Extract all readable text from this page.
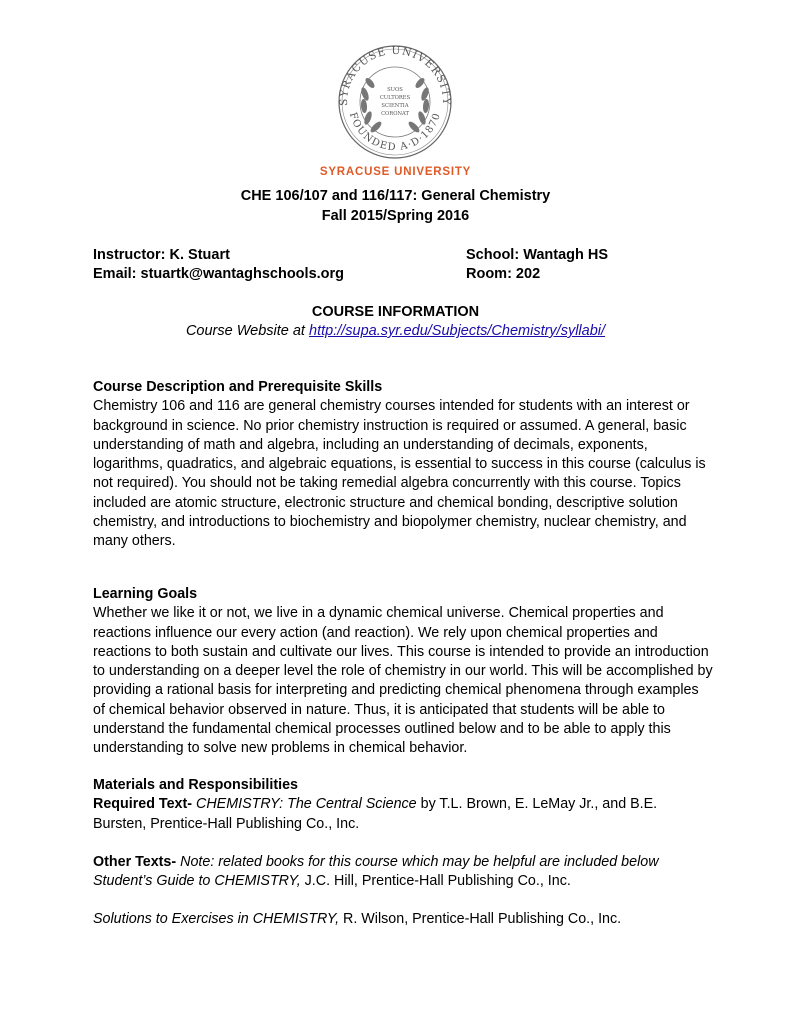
SYRACUSE UNIVERSITY
FOUNDED A·D·1870
SUOS
CULTORES
SCIENTIA
CORONAT
SYRACUSE UNIVERSITY
CHE 106/107 and 116/117: General Chemistry
Fall 2015/Spring 2016
Instructor: K. Stuart
Email: stuartk@wantaghschools.org
School: Wantagh HS
Room: 202
COURSE INFORMATION
Course Website at http://supa.syr.edu/Subjects/Chemistry/syllabi/
Course Description and Prerequisite Skills

Chemistry 106 and 116 are general chemistry courses intended for students with an interest or background in science. No prior chemistry instruction is required or assumed. A general, basic understanding of math and algebra, including an understanding of decimals, exponents, logarithms, quadratics, and algebraic equations, is essential to success in this course (calculus is not required). You should not be taking remedial algebra concurrently with this course. Topics included are atomic structure, electronic structure and chemical bonding, descriptive solution chemistry, and introductions to biochemistry and biopolymer chemistry, nuclear chemistry, and many others.

Learning Goals

Whether we like it or not, we live in a dynamic chemical universe. Chemical properties and reactions influence our every action (and reaction). We rely upon chemical properties and reactions to both sustain and cultivate our lives. This course is intended to provide an introduction to understanding on a deeper level the role of chemistry in our world. This will be accomplished by providing a rational basis for interpreting and predicting chemical phenomena through examples of chemical behavior observed in nature. Thus, it is anticipated that students will be able to understand the fundamental chemical processes outlined below and to be able to apply this understanding to solve new problems in chemical behavior.

Materials and Responsibilities

Required Text- CHEMISTRY: The Central Science by T.L. Brown, E. LeMay Jr., and B.E. Bursten, Prentice-Hall Publishing Co., Inc.

Other Texts- Note: related books for this course which may be helpful are included below

Student’s Guide to CHEMISTRY, J.C. Hill, Prentice-Hall Publishing Co., Inc.

Solutions to Exercises in CHEMISTRY, R. Wilson, Prentice-Hall Publishing Co., Inc.
